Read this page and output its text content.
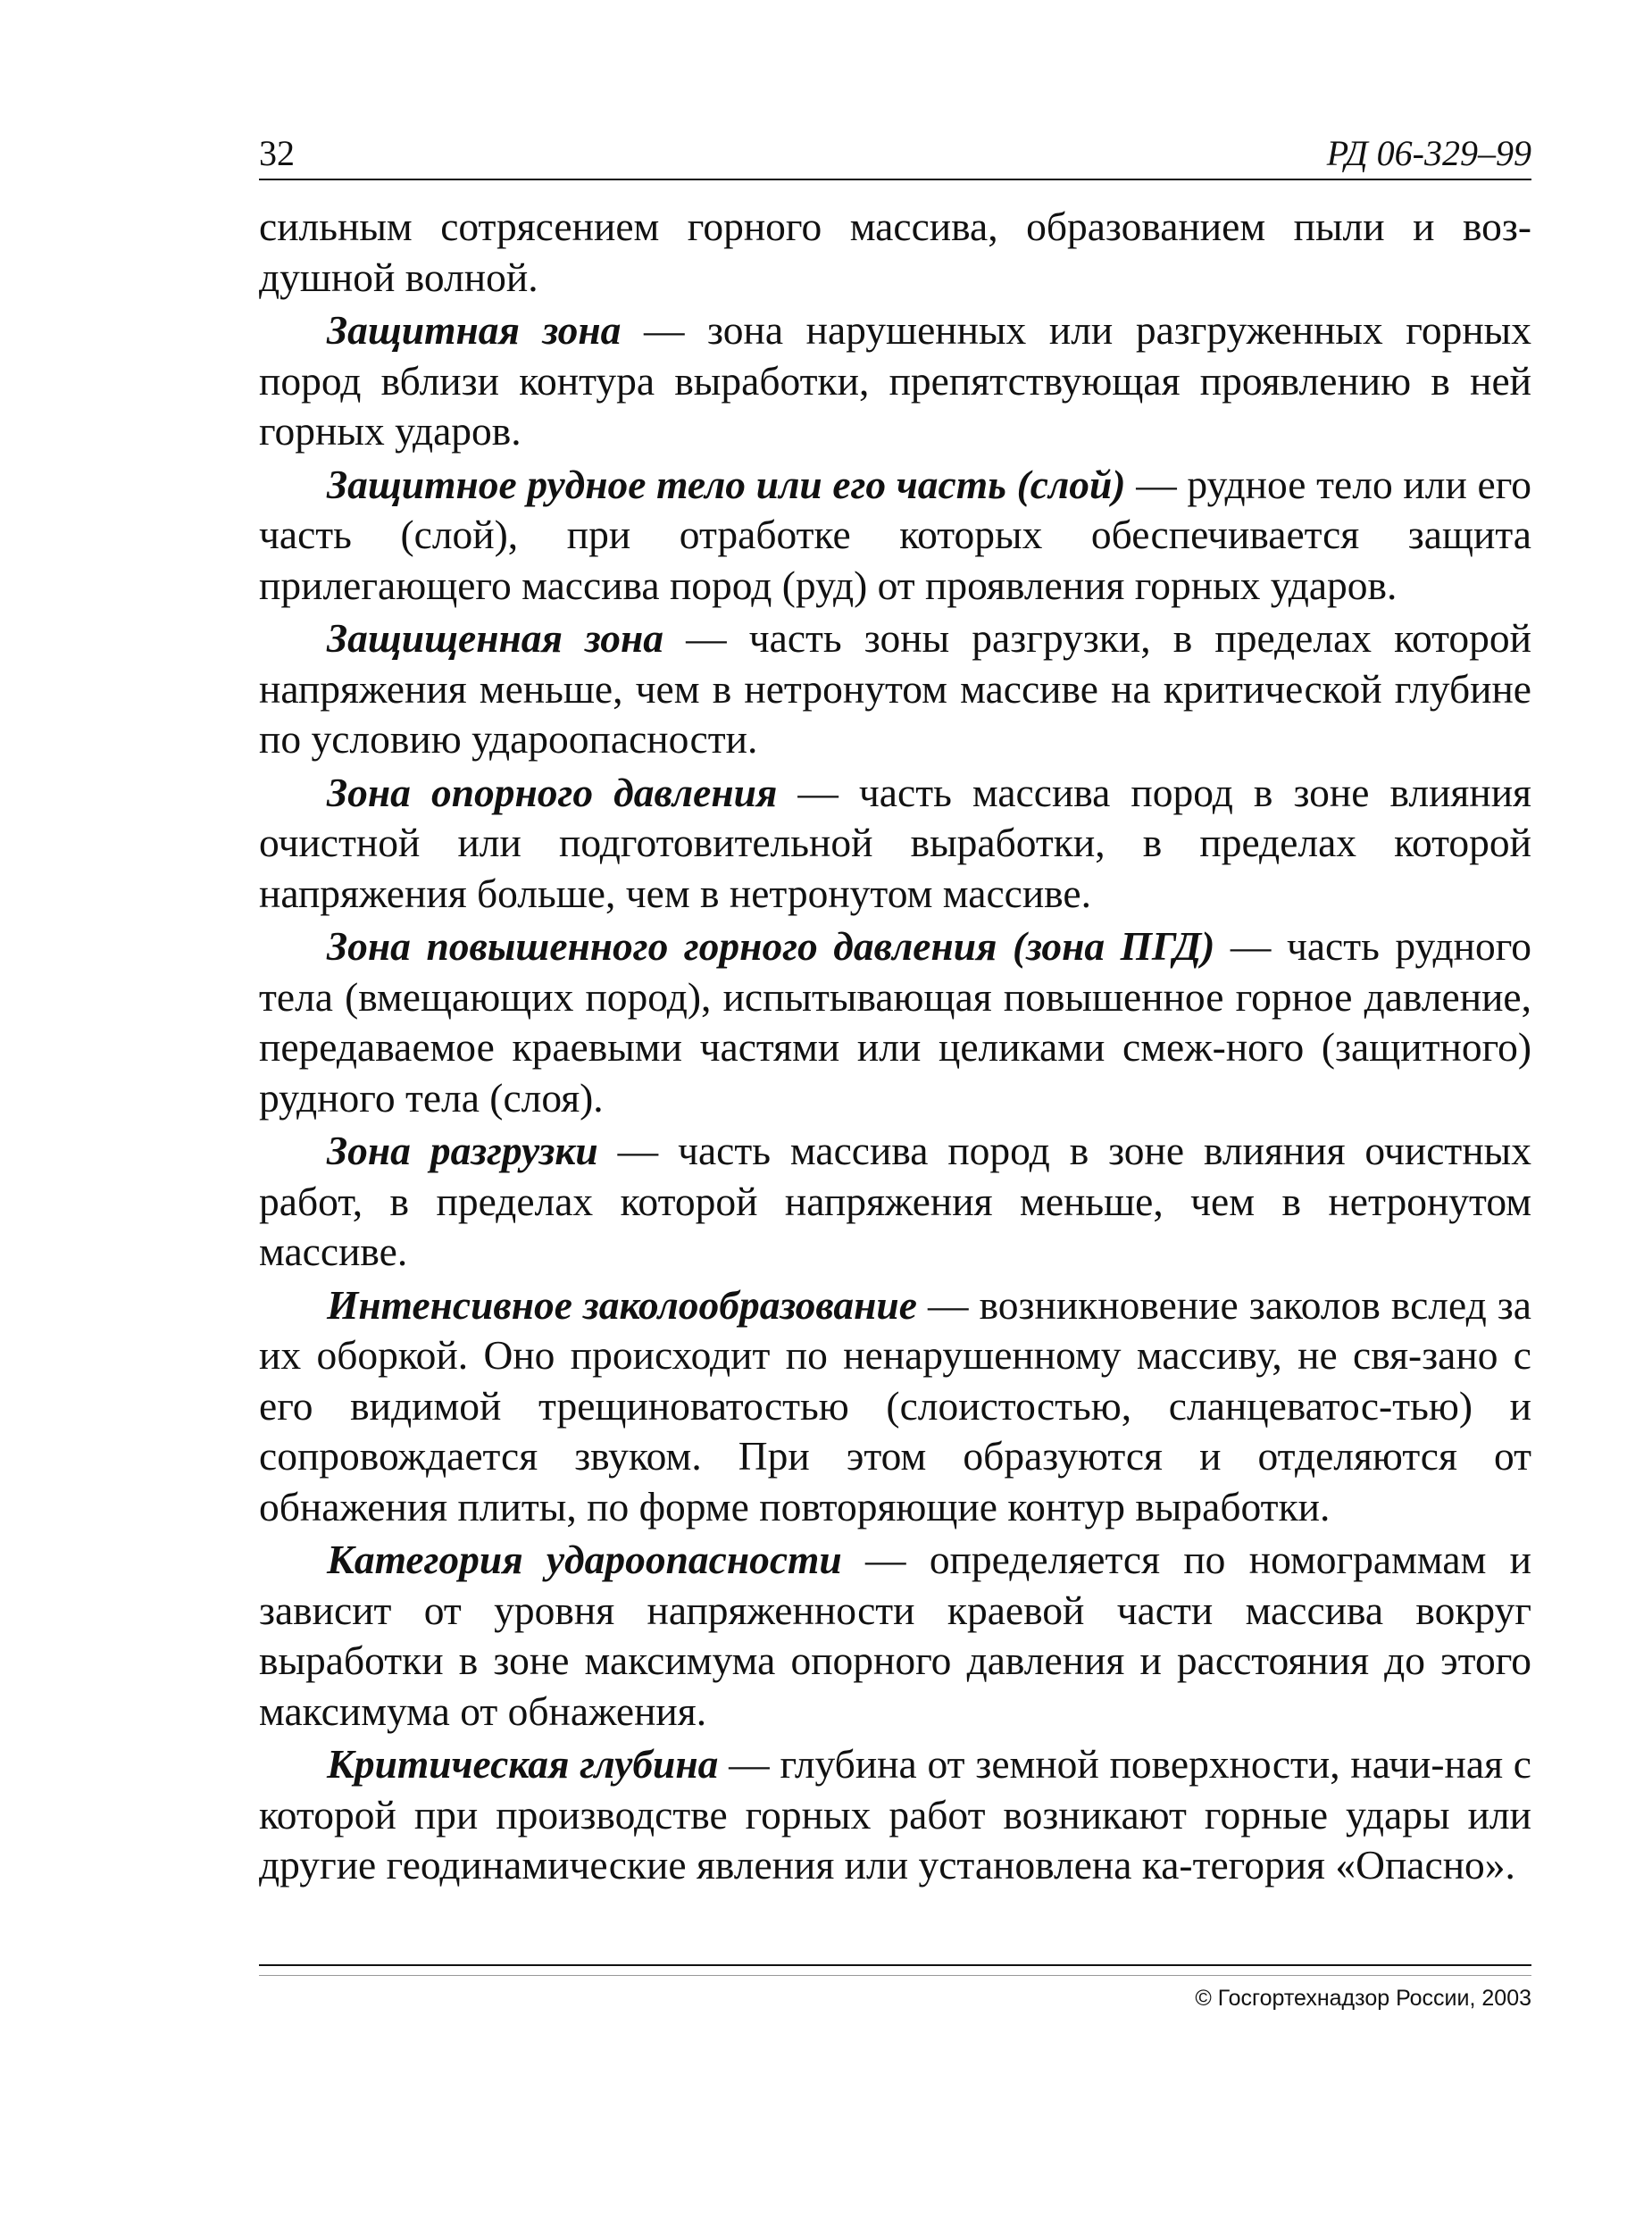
32	РД 06-329–99

сильным сотрясением горного массива, образованием пыли и воз-душной волной.

Защитная зона — зона нарушенных или разгруженных горных пород вблизи контура выработки, препятствующая проявлению в ней горных ударов.

Защитное рудное тело или его часть (слой) — рудное тело или его часть (слой), при отработке которых обеспечивается защита прилегающего массива пород (руд) от проявления горных ударов.

Защищенная зона — часть зоны разгрузки, в пределах которой напряжения меньше, чем в нетронутом массиве на критической глубине по условию удароопасности.

Зона опорного давления — часть массива пород в зоне влияния очистной или подготовительной выработки, в пределах которой напряжения больше, чем в нетронутом массиве.

Зона повышенного горного давления (зона ПГД) — часть рудного тела (вмещающих пород), испытывающая повышенное горное давление, передаваемое краевыми частями или целиками смеж-ного (защитного) рудного тела (слоя).

Зона разгрузки — часть массива пород в зоне влияния очистных работ, в пределах которой напряжения меньше, чем в нетронутом массиве.

Интенсивное заколообразование — возникновение заколов вслед за их оборкой. Оно происходит по ненарушенному массиву, не свя-зано с его видимой трещиноватостью (слоистостью, сланцеватос-тью) и сопровождается звуком. При этом образуются и отделяются от обнажения плиты, по форме повторяющие контур выработки.

Категория удароопасности — определяется по номограммам и зависит от уровня напряженности краевой части массива вокруг выработки в зоне максимума опорного давления и расстояния до этого максимума от обнажения.

Критическая глубина — глубина от земной поверхности, начи-ная с которой при производстве горных работ возникают горные удары или другие геодинамические явления или установлена ка-тегория «Опасно».

© Госгортехнадзор России, 2003
